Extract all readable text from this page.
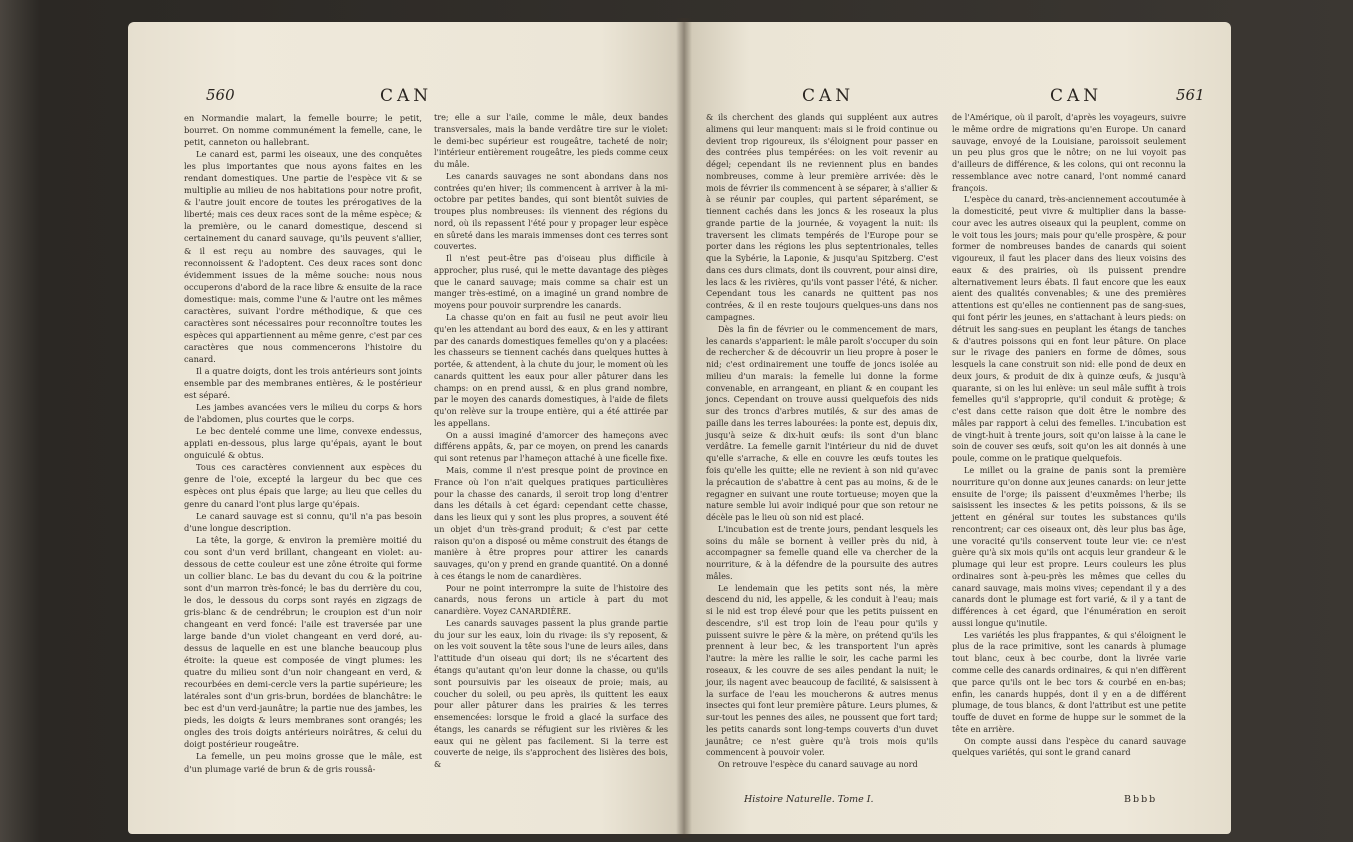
560	CAN

en Normandie malart, la femelle bourre; le petit, bourret. On nomme communément la femelle, cane, le petit, canneton ou hallebrant.

Le canard est, parmi les oiseaux, une des conquêtes les plus importantes que nous ayons faites en les rendant domestiques. Une partie de l'espèce vit & se multiplie au milieu de nos habitations pour notre profit, & l'autre jouit encore de toutes les prérogatives de la liberté; mais ces deux races sont de la même espèce; & la première, ou le canard domestique, descend si certainement du canard sauvage, qu'ils peuvent s'allier, & il est reçu au nombre des sauvages, qui le reconnoissent & l'adoptent. Ces deux races sont donc évidemment issues de la même souche: nous nous occuperons d'abord de la race libre & ensuite de la race domestique: mais, comme l'une & l'autre ont les mêmes caractères, suivant l'ordre méthodique, & que ces caractères sont nécessaires pour reconnoître toutes les espèces qui appartiennent au même genre, c'est par ces caractères que nous commencerons l'histoire du canard.

Il a quatre doigts, dont les trois antérieurs sont joints ensemble par des membranes entières, & le postérieur est séparé.

Les jambes avancées vers le milieu du corps & hors de l'abdomen, plus courtes que le corps.

Le bec dentelé comme une lime, convexe endessus, applati en-dessous, plus large qu'épais, ayant le bout onguiculé & obtus.

Tous ces caractères conviennent aux espèces du genre de l'oie, excepté la largeur du bec que ces espèces ont plus épais que large; au lieu que celles du genre du canard l'ont plus large qu'épais.

Le canard sauvage est si connu, qu'il n'a pas besoin d'une longue description.

La tête, la gorge, & environ la première moitié du cou sont d'un verd brillant, changeant en violet: au-dessous de cette couleur est une zône étroite qui forme un collier blanc. Le bas du devant du cou & la poitrine sont d'un marron très-foncé; le bas du derrière du cou, le dos, le dessous du corps sont rayés en zigzags de gris-blanc & de cendrébrun; le croupion est d'un noir changeant en verd foncé: l'aile est traversée par une large bande d'un violet changeant en verd doré, au-dessus de laquelle en est une blanche beaucoup plus étroite: la queue est composée de vingt plumes: les quatre du milieu sont d'un noir changeant en verd, & recourbées en demi-cercle vers la partie supérieure; les latérales sont d'un gris-brun, bordées de blanchâtre: le bec est d'un verd-jaunâtre; la partie nue des jambes, les pieds, les doigts & leurs membranes sont orangés; les ongles des trois doigts antérieurs noirâtres, & celui du doigt postérieur rougeâtre.

La femelle, un peu moins grosse que le mâle, est d'un plumage varié de brun & de gris roussâ-

tre; elle a sur l'aile, comme le mâle, deux bandes transversales, mais la bande verdâtre tire sur le violet: le demi-bec supérieur est rougeâtre, tacheté de noir; l'intérieur entièrement rougeâtre, les pieds comme ceux du mâle.

Les canards sauvages ne sont abondans dans nos contrées qu'en hiver; ils commencent à arriver à la mi-octobre par petites bandes, qui sont bientôt suivies de troupes plus nombreuses: ils viennent des régions du nord, où ils repassent l'été pour y propager leur espèce en sûreté dans les marais immenses dont ces terres sont couvertes.

Il n'est peut-être pas d'oiseau plus difficile à approcher, plus rusé, qui le mette davantage des pièges que le canard sauvage; mais comme sa chair est un manger très-estimé, on a imaginé un grand nombre de moyens pour pouvoir surprendre les canards.

La chasse qu'on en fait au fusil ne peut avoir lieu qu'en les attendant au bord des eaux, & en les y attirant par des canards domestiques femelles qu'on y a placées: les chasseurs se tiennent cachés dans quelques huttes à portée, & attendent, à la chute du jour, le moment où les canards quittent les eaux pour aller pâturer dans les champs: on en prend aussi, & en plus grand nombre, par le moyen des canards domestiques, à l'aide de filets qu'on relève sur la troupe entière, qui a été attirée par les appellans.

On a aussi imaginé d'amorcer des hameçons avec différens appâts, &, par ce moyen, on prend les canards qui sont retenus par l'hameçon attaché à une ficelle fixe.

Mais, comme il n'est presque point de province en France où l'on n'ait quelques pratiques particulières pour la chasse des canards, il seroit trop long d'entrer dans les détails à cet égard: cependant cette chasse, dans les lieux qui y sont les plus propres, a souvent été un objet d'un très-grand produit; & c'est par cette raison qu'on a disposé ou même construit des étangs de manière à être propres pour attirer les canards sauvages, qu'on y prend en grande quantité. On a donné à ces étangs le nom de canardières.

Pour ne point interrompre la suite de l'histoire des canards, nous ferons un article à part du mot canardière. Voyez CANARDIÈRE.

Les canards sauvages passent la plus grande partie du jour sur les eaux, loin du rivage: ils s'y reposent, & on les voit souvent la tête sous l'une de leurs ailes, dans l'attitude d'un oiseau qui dort; ils ne s'écartent des étangs qu'autant qu'on leur donne la chasse, ou qu'ils sont poursuivis par les oiseaux de proie; mais, au coucher du soleil, ou peu après, ils quittent les eaux pour aller pâturer dans les prairies & les terres ensemencées: lorsque le froid a glacé la surface des étangs, les canards se réfugient sur les rivières & les eaux qui ne gèlent pas facilement. Si la terre est couverte de neige, ils s'approchent des lisières des bois, &

CAN	CAN	561

& ils cherchent des glands qui suppléent aux autres alimens qui leur manquent: mais si le froid continue ou devient trop rigoureux, ils s'éloignent pour passer en des contrées plus tempérées: on les voit revenir au dégel; cependant ils ne reviennent plus en bandes nombreuses, comme à leur première arrivée: dès le mois de février ils commencent à se séparer, à s'allier & à se réunir par couples, qui partent séparément, se tiennent cachés dans les joncs & les roseaux la plus grande partie de la journée, & voyagent la nuit: ils traversent les climats tempérés de l'Europe pour se porter dans les régions les plus septentrionales, telles que la Sybérie, la Laponie, & jusqu'au Spitzberg. C'est dans ces durs climats, dont ils couvrent, pour ainsi dire, les lacs & les rivières, qu'ils vont passer l'été, & nicher. Cependant tous les canards ne quittent pas nos contrées, & il en reste toujours quelques-uns dans nos campagnes.

Dès la fin de février ou le commencement de mars, les canards s'apparient: le mâle paroît s'occuper du soin de rechercher & de découvrir un lieu propre à poser le nid; c'est ordinairement une touffe de joncs isolée au milieu d'un marais: la femelle lui donne la forme convenable, en arrangeant, en pliant & en coupant les joncs. Cependant on trouve aussi quelquefois des nids sur des troncs d'arbres mutilés, & sur des amas de paille dans les terres labourées: la ponte est, depuis dix, jusqu'à seize & dix-huit œufs: ils sont d'un blanc verdâtre. La femelle garnit l'intérieur du nid de duvet qu'elle s'arrache, & elle en couvre les œufs toutes les fois qu'elle les quitte; elle ne revient à son nid qu'avec la précaution de s'abattre à cent pas au moins, & de le regagner en suivant une route tortueuse; moyen que la nature semble lui avoir indiqué pour que son retour ne décèle pas le lieu où son nid est placé.

L'incubation est de trente jours, pendant lesquels les soins du mâle se bornent à veiller près du nid, à accompagner sa femelle quand elle va chercher de la nourriture, & à la défendre de la poursuite des autres mâles.

Le lendemain que les petits sont nés, la mère descend du nid, les appelle, & les conduit à l'eau; mais si le nid est trop élevé pour que les petits puissent en descendre, s'il est trop loin de l'eau pour qu'ils y puissent suivre le père & la mère, on prétend qu'ils les prennent à leur bec, & les transportent l'un après l'autre: la mère les rallie le soir, les cache parmi les roseaux, & les couvre de ses ailes pendant la nuit; le jour, ils nagent avec beaucoup de facilité, & saisissent à la surface de l'eau les moucherons & autres menus insectes qui font leur première pâture. Leurs plumes, & sur-tout les pennes des ailes, ne poussent que fort tard; les petits canards sont long-temps couverts d'un duvet jaunâtre; ce n'est guère qu'à trois mois qu'ils commencent à pouvoir voler.

On retrouve l'espèce du canard sauvage au nord

de l'Amérique, où il paroît, d'après les voyageurs, suivre le même ordre de migrations qu'en Europe. Un canard sauvage, envoyé de la Louisiane, paroissoit seulement un peu plus gros que le nôtre; on ne lui voyoit pas d'ailleurs de différence, & les colons, qui ont reconnu la ressemblance avec notre canard, l'ont nommé canard françois.

L'espèce du canard, très-anciennement accoutumée à la domesticité, peut vivre & multiplier dans la basse-cour avec les autres oiseaux qui la peuplent, comme on le voit tous les jours; mais pour qu'elle prospère, & pour former de nombreuses bandes de canards qui soient vigoureux, il faut les placer dans des lieux voisins des eaux & des prairies, où ils puissent prendre alternativement leurs ébats. Il faut encore que les eaux aient des qualités convenables; & une des premières attentions est qu'elles ne contiennent pas de sang-sues, qui font périr les jeunes, en s'attachant à leurs pieds: on détruit les sang-sues en peuplant les étangs de tanches & d'autres poissons qui en font leur pâture. On place sur le rivage des paniers en forme de dômes, sous lesquels la cane construit son nid: elle pond de deux en deux jours, & produit de dix à quinze œufs, & jusqu'à quarante, si on les lui enlève: un seul mâle suffit à trois femelles qu'il s'approprie, qu'il conduit & protège; & c'est dans cette raison que doit être le nombre des mâles par rapport à celui des femelles. L'incubation est de vingt-huit à trente jours, soit qu'on laisse à la cane le soin de couver ses œufs, soit qu'on les ait donnés à une poule, comme on le pratique quelquefois.

Le millet ou la graine de panis sont la première nourriture qu'on donne aux jeunes canards: on leur jette ensuite de l'orge; ils paissent d'euxmêmes l'herbe; ils saisissent les insectes & les petits poissons, & ils se jettent en général sur toutes les substances qu'ils rencontrent; car ces oiseaux ont, dès leur plus bas âge, une voracité qu'ils conservent toute leur vie: ce n'est guère qu'à six mois qu'ils ont acquis leur grandeur & le plumage qui leur est propre. Leurs couleurs les plus ordinaires sont à-peu-près les mêmes que celles du canard sauvage, mais moins vives; cependant il y a des canards dont le plumage est fort varié, & il y a tant de différences à cet égard, que l'énumération en seroit aussi longue qu'inutile.

Les variétés les plus frappantes, & qui s'éloignent le plus de la race primitive, sont les canards à plumage tout blanc, ceux à bec courbe, dont la livrée varie comme celle des canards ordinaires, & qui n'en diffèrent que parce qu'ils ont le bec tors & courbé en en-bas; enfin, les canards huppés, dont il y en a de différent plumage, de tous blancs, & dont l'attribut est une petite touffe de duvet en forme de huppe sur le sommet de la tête en arrière.

On compte aussi dans l'espèce du canard sauvage quelques variétés, qui sont le grand canard

Histoire Naturelle. Tome I.	Bbbb
